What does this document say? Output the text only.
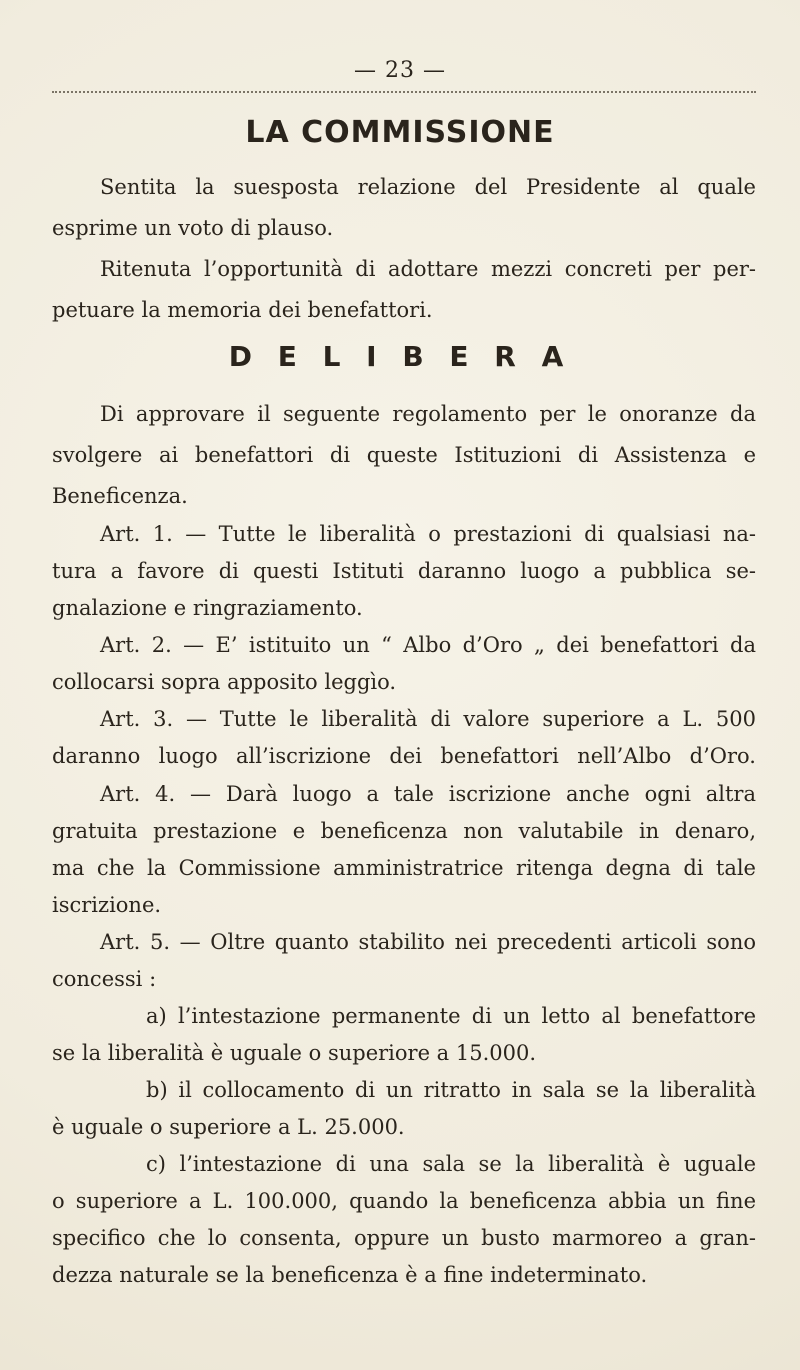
— 23 —
LA COMMISSIONE
Sentita la suesposta relazione del Presidente al quale
esprime un voto di plauso.
Ritenuta l’opportunità di adottare mezzi concreti per per-
petuare la memoria dei benefattori.
D E L I B E R A
Di approvare il seguente regolamento per le onoranze da
svolgere ai benefattori di queste Istituzioni di Assistenza e
Beneficenza.
Art. 1. — Tutte le liberalità o prestazioni di qualsiasi na-
tura a favore di questi Istituti daranno luogo a pubblica se-
gnalazione e ringraziamento.
Art. 2. — E’ istituito un “ Albo d’Oro „ dei benefattori da
collocarsi sopra apposito leggìo.
Art. 3. — Tutte le liberalità di valore superiore a L. 500
daranno luogo all’iscrizione dei benefattori nell’Albo d’Oro.
Art. 4. — Darà luogo a tale iscrizione anche ogni altra
gratuita prestazione e beneficenza non valutabile in denaro,
ma che la Commissione amministratrice ritenga degna di tale
iscrizione.
Art. 5. — Oltre quanto stabilito nei precedenti articoli sono
concessi :
a) l’intestazione permanente di un letto al benefattore
se la liberalità è uguale o superiore a 15.000.
b) il collocamento di un ritratto in sala se la liberalità
è uguale o superiore a L. 25.000.
c) l’intestazione di una sala se la liberalità è uguale
o superiore a L. 100.000, quando la beneficenza abbia un fine
specifico che lo consenta, oppure un busto marmoreo a gran-
dezza naturale se la beneficenza è a fine indeterminato.
